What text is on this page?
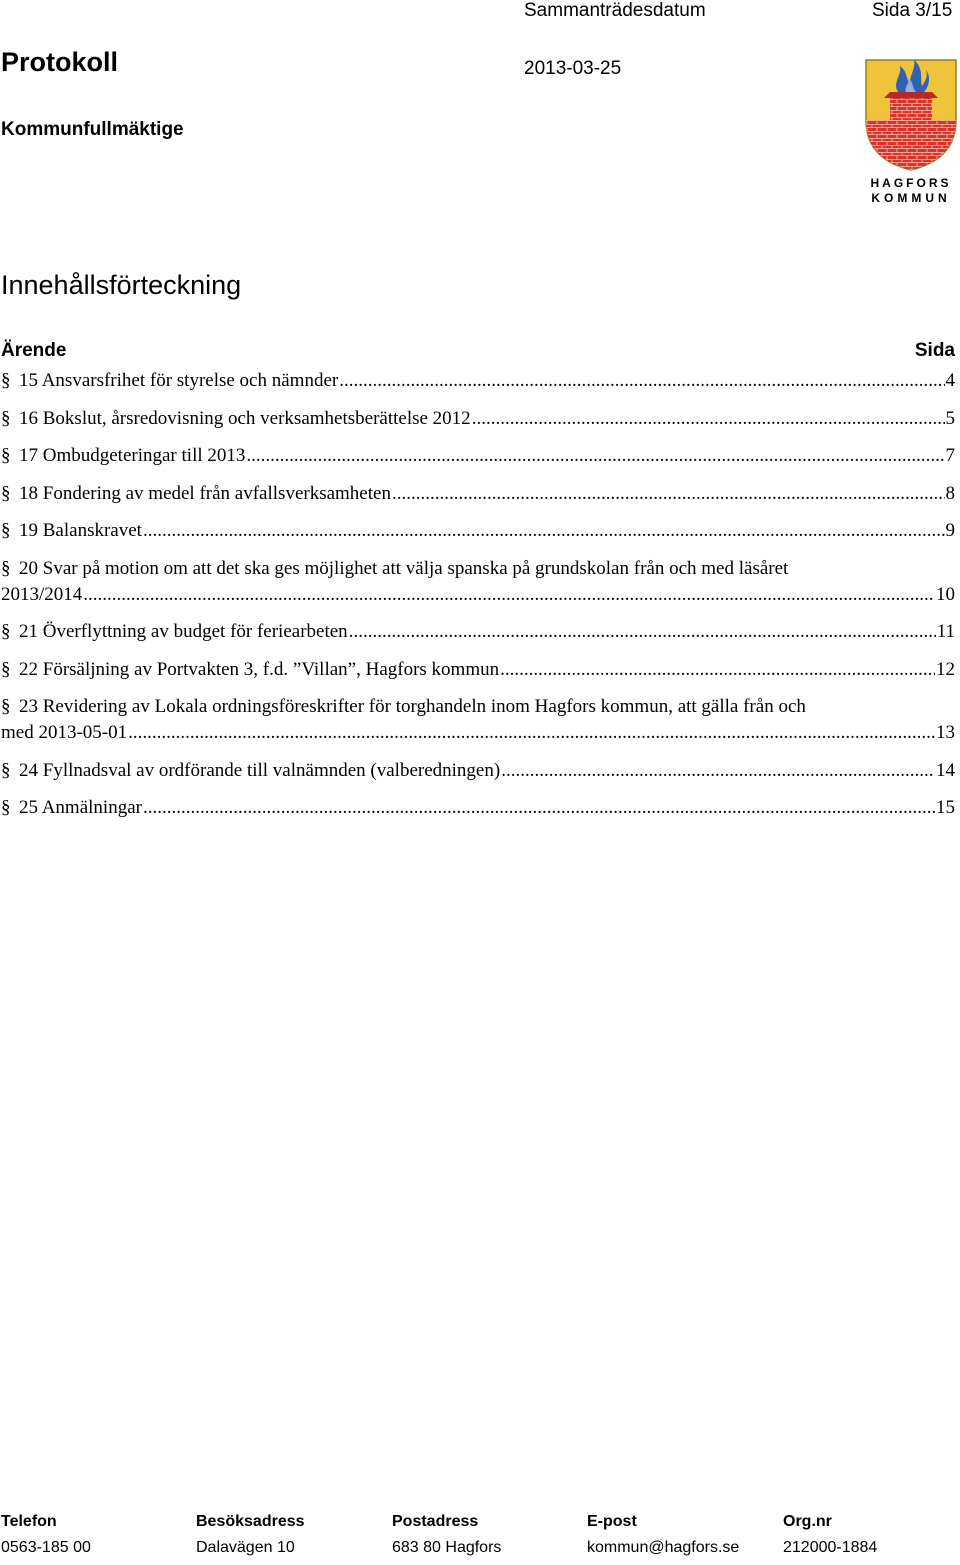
Sammanträdesdatum	Sida 3/15
Protokoll	2013-03-25
Kommunfullmäktige
HAGFORS
KOMMUN
Innehållsförteckning
Ärende	Sida
§ 15 Ansvarsfrihet för styrelse och nämnder .....	4
§ 16 Bokslut, årsredovisning och verksamhetsberättelse 2012 .....	5
§ 17 Ombudgeteringar till 2013 .....	7
§ 18 Fondering av medel från avfallsverksamheten .....	8
§ 19 Balanskravet .....	9
§ 20 Svar på motion om att det ska ges möjlighet att välja spanska på grundskolan från och med läsåret
2013/2014 .....	10
§ 21 Överflyttning av budget för feriearbeten .....	11
§ 22 Försäljning av Portvakten 3, f.d. ”Villan”, Hagfors kommun .....	12
§ 23 Revidering av Lokala ordningsföreskrifter för torghandeln inom Hagfors kommun, att gälla från och
med 2013-05-01 .....	13
§ 24 Fyllnadsval av ordförande till valnämnden (valberedningen) .....	14
§ 25 Anmälningar .....	15
Telefon	Besöksadress	Postadress	E-post	Org.nr
0563-185 00	Dalavägen 10	683 80 Hagfors	kommun@hagfors.se	212000-1884
